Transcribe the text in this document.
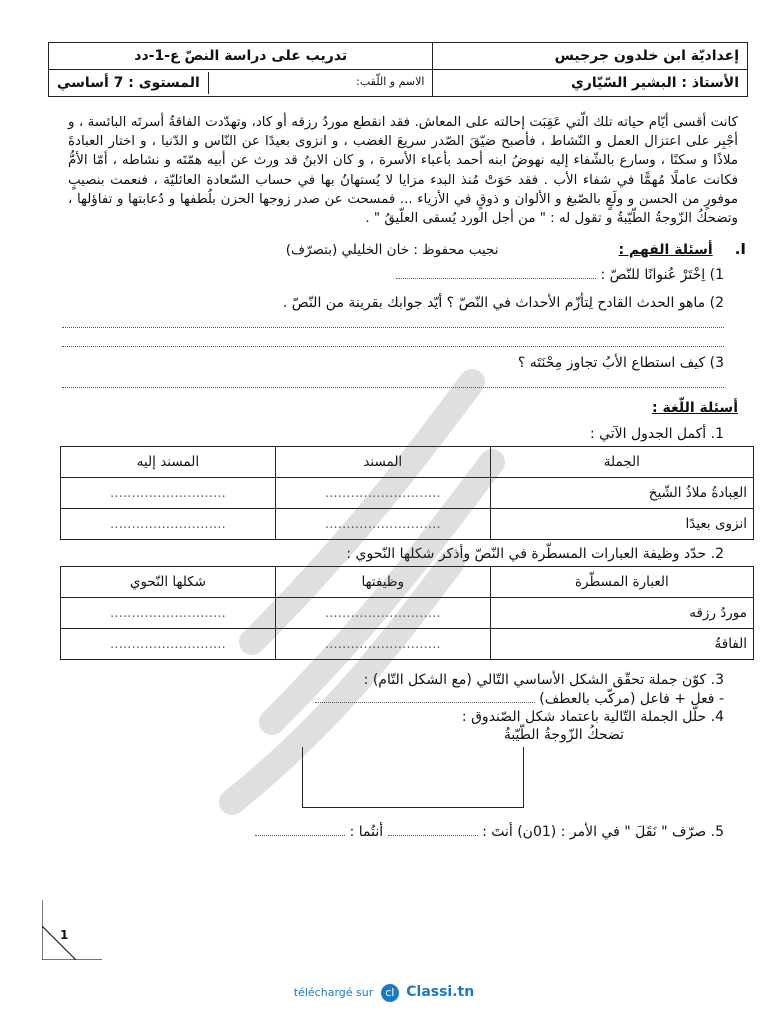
إعداديّة ابن خلدون جرجيس	تدريب على دراسة النصّ ع-1-دد
الأستاذ : البشير السّيّاري	الاسم و اللّقب:
المستوى : 7 أساسي

كانت أقسى أيّام حياته تلك الّتي عَقِبَت إحالته على المعاش. فقد انقطع موردُ رزقه أو كاد، وتهدّدت الفاقةُ أسرتَه البائسة ، و أجْبِر على اعتزال العمل و النّشاط ، فأصبح ضيّقَ الصّدر سريعَ الغضب ، و انزوى بعيدًا عن النّاس و الدّنيا ، و اختار العبادةَ ملاذًا و سكنًا ، وسارع بالشّفاء إليه نهوضُ ابنه أحمد بأعباء الأسرة ، و كان الابنُ قد ورث عن أبيه همّتَه و نشاطه ، أمّا الأمُّ فكانت عاملًا مُهمًّا في شفاء الأب . فقد حَوَتْ مُنذ البدء مزايا لا يُستهانُ بها في حساب السّعادة العائليّة ، فنعمت بنصيبٍ موفورٍ من الحسن و ولَعٍ بالصّبغ و الألوان و ذوقٍ في الأزياء ... فمسحت عن صدر زوجها الحزن بلُطفها و دُعابتها و تفاؤلها ، وتضحكُ الزّوجةُ الطّيّبةُ و تقول له : " من أجل الورد يُسقى العلّيقُ " .

I.
أسئلة الفهم :
نجيب محفوظ : خان الخليلي (بتصرّف)
1) اِخْتَرْ عُنوانًا للنّصّ :
2) ماهو الحدث القادح لِتأزّم الأحداث في النّصّ ؟ أيّد جوابك بقرينة من النّصّ .
3) كيف استطاع الأبُ تجاوز مِحْنَتَه ؟
أسئلة اللّغة :
1. أكمل الجدول الآتي :
الجملة	المسند	المسند إليه
العِبادةُ ملاذُ الشّيخ	...........................	...........................
انزوى بعيدًا	...........................	...........................
2. حدّد وظيفة العبارات المسطّرة في النّصّ وأذكر شكلها النّحوي :
العبارة المسطّرة	وظيفتها	شكلها النّحوي
موردُ رزقه	...........................	...........................
الفاقةُ	...........................	...........................
3. كوّن جملة تحقّق الشكل الأساسي التّالي (مع الشكل التّام) :
- فعل + فاعل (مركّب بالعطف)
4. حلّل الجملة التّالية باعتماد شكل الصّندوق :
تضحكُ الزّوجةُ الطّيّبةُ
5. صرّف " نَقَلَ " في الأمر : (01ن) أنتَ :  أنتُما :
1
téléchargé sur cl Classi.tn
